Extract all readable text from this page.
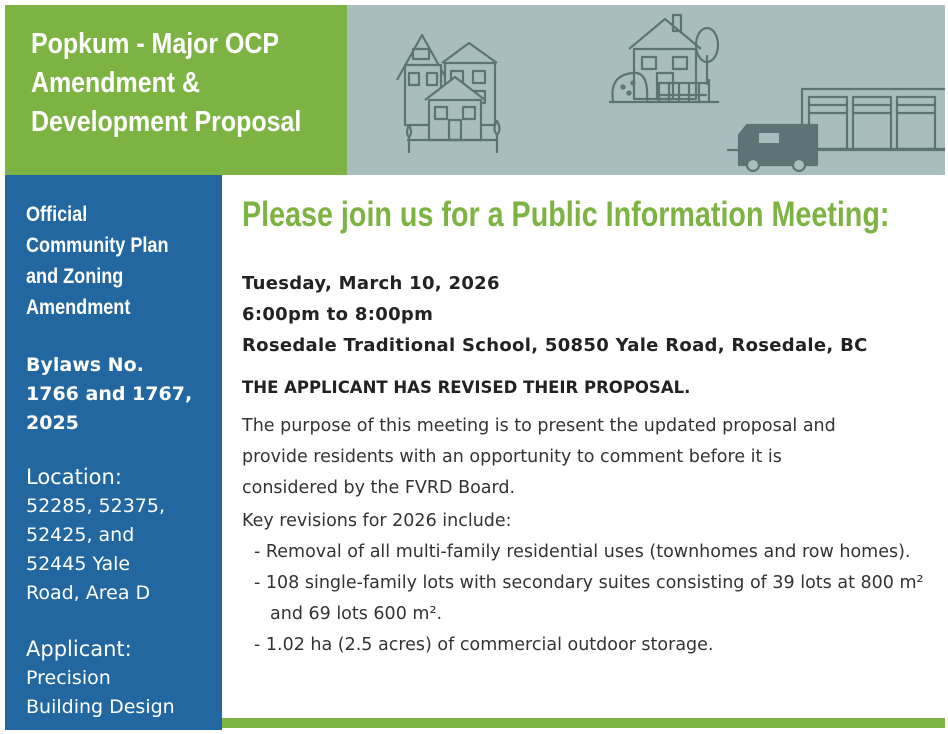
Popkum - Major OCP
Amendment &
Development Proposal
Official
Community Plan
and Zoning
Amendment
Bylaws No.
1766 and 1767,
2025
Location:
52285, 52375,
52425, and
52445 Yale
Road, Area D
Applicant:
Precision
Building Design
Please join us for a Public Information Meeting:
Tuesday, March 10, 2026
6:00pm to 8:00pm
Rosedale Traditional School, 50850 Yale Road, Rosedale, BC
THE APPLICANT HAS REVISED THEIR PROPOSAL.
The purpose of this meeting is to present the updated proposal and
provide residents with an opportunity to comment before it is
considered by the FVRD Board.
Key revisions for 2026 include:
- Removal of all multi-family residential uses (townhomes and row homes).
- 108 single-family lots with secondary suites consisting of 39 lots at 800 m² and 69 lots 600 m².
- 1.02 ha (2.5 acres) of commercial outdoor storage.
